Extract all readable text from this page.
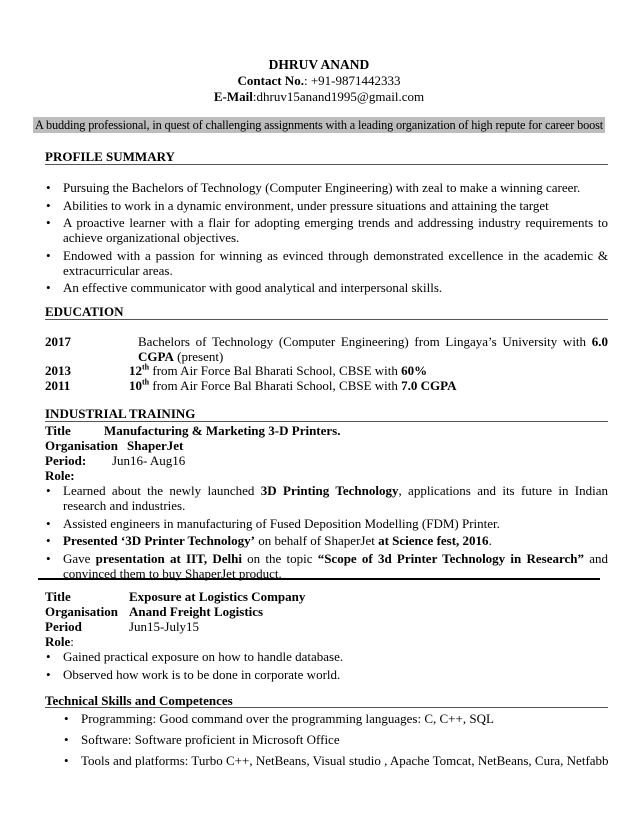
DHRUV ANAND
Contact No.: +91-9871442333
E-Mail:dhruv15anand1995@gmail.com
A budding professional, in quest of challenging assignments with a leading organization of high repute for career boost
PROFILE SUMMARY
• Pursuing the Bachelors of Technology (Computer Engineering) with zeal to make a winning career.
• Abilities to work in a dynamic environment, under pressure situations and attaining the target
• A proactive learner with a flair for adopting emerging trends and addressing industry requirements to achieve organizational objectives.
• Endowed with a passion for winning as evinced through demonstrated excellence in the academic & extracurricular areas.
• An effective communicator with good analytical and interpersonal skills.
EDUCATION
2017	Bachelors of Technology (Computer Engineering) from Lingaya’s University with 6.0 CGPA (present)
2013	12th from Air Force Bal Bharati School, CBSE with 60%
2011	10th from Air Force Bal Bharati School, CBSE with 7.0 CGPA
INDUSTRIAL TRAINING
Title	Manufacturing & Marketing 3-D Printers.
Organisation ShaperJet
Period: Jun16- Aug16
Role:
• Learned about the newly launched 3D Printing Technology, applications and its future in Indian research and industries.
• Assisted engineers in manufacturing of Fused Deposition Modelling (FDM) Printer.
• Presented ‘3D Printer Technology’ on behalf of ShaperJet at Science fest, 2016.
• Gave presentation at IIT, Delhi on the topic “Scope of 3d Printer Technology in Research” and convinced them to buy ShaperJet product.
Title	Exposure at Logistics Company
Organisation Anand Freight Logistics
Period	Jun15-July15
Role:
• Gained practical exposure on how to handle database.
• Observed how work is to be done in corporate world.
Technical Skills and Competences
• Programming: Good command over the programming languages: C, C++, SQL
• Software: Software proficient in Microsoft Office
• Tools and platforms: Turbo C++, NetBeans, Visual studio , Apache Tomcat, NetBeans, Cura, Netfabb
